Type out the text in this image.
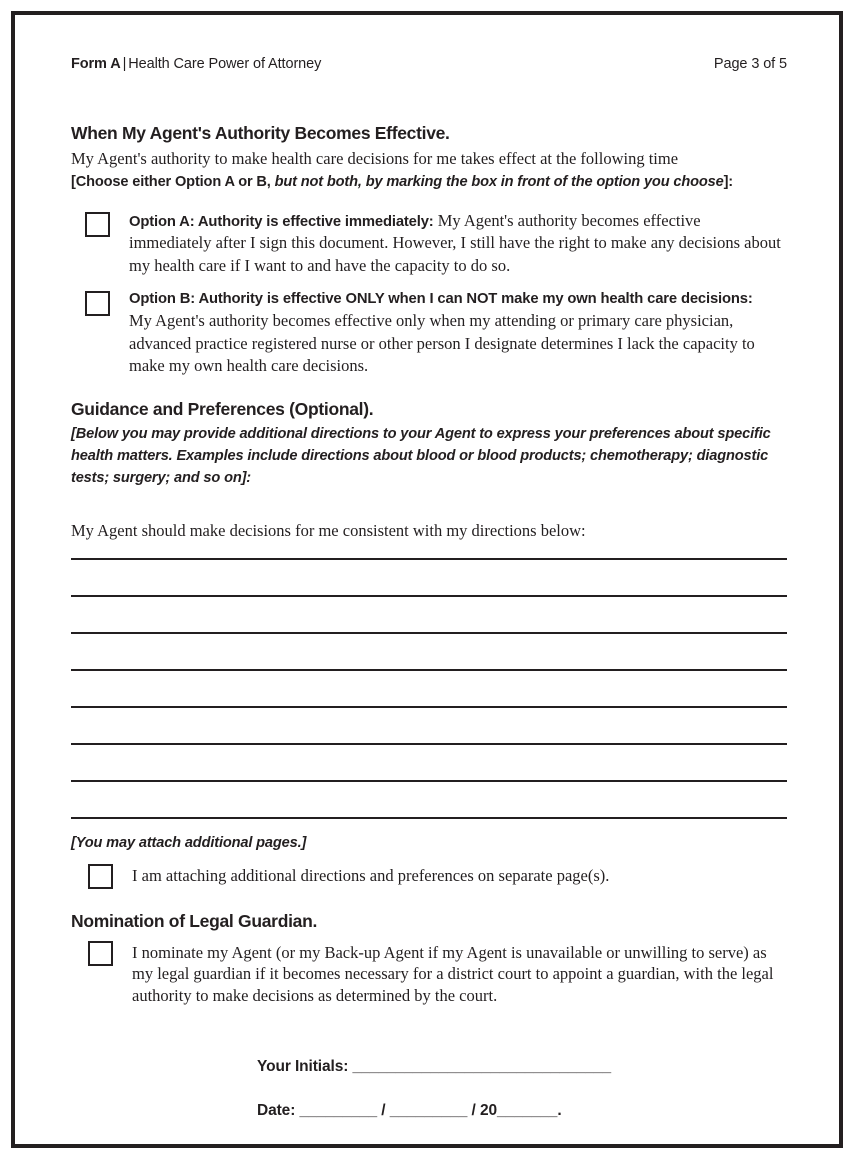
Form A | Health Care Power of Attorney	Page 3 of 5
When My Agent's Authority Becomes Effective.

My Agent's authority to make health care decisions for me takes effect at the following time

[Choose either Option A or B, but not both, by marking the box in front of the option you choose]:

Option A: Authority is effective immediately: My Agent's authority becomes effective immediately after I sign this document. However, I still have the right to make any decisions about my health care if I want to and have the capacity to do so.
Option B: Authority is effective ONLY when I can NOT make my own health care decisions:
My Agent's authority becomes effective only when my attending or primary care physician, advanced practice registered nurse or other person I designate determines I lack the capacity to make my own health care decisions.
Guidance and Preferences (Optional).

[Below you may provide additional directions to your Agent to express your preferences about specific health matters. Examples include directions about blood or blood products; chemotherapy; diagnostic tests; surgery; and so on]:

My Agent should make decisions for me consistent with my directions below:

[You may attach additional pages.]

I am attaching additional directions and preferences on separate page(s).
Nomination of Legal Guardian.
I nominate my Agent (or my Back-up Agent if my Agent is unavailable or unwilling to serve) as my legal guardian if it becomes necessary for a district court to appoint a guardian, with the legal authority to make decisions as determined by the court.
Your Initials: ______________________________
Date: _________ / _________ / 20_______.
